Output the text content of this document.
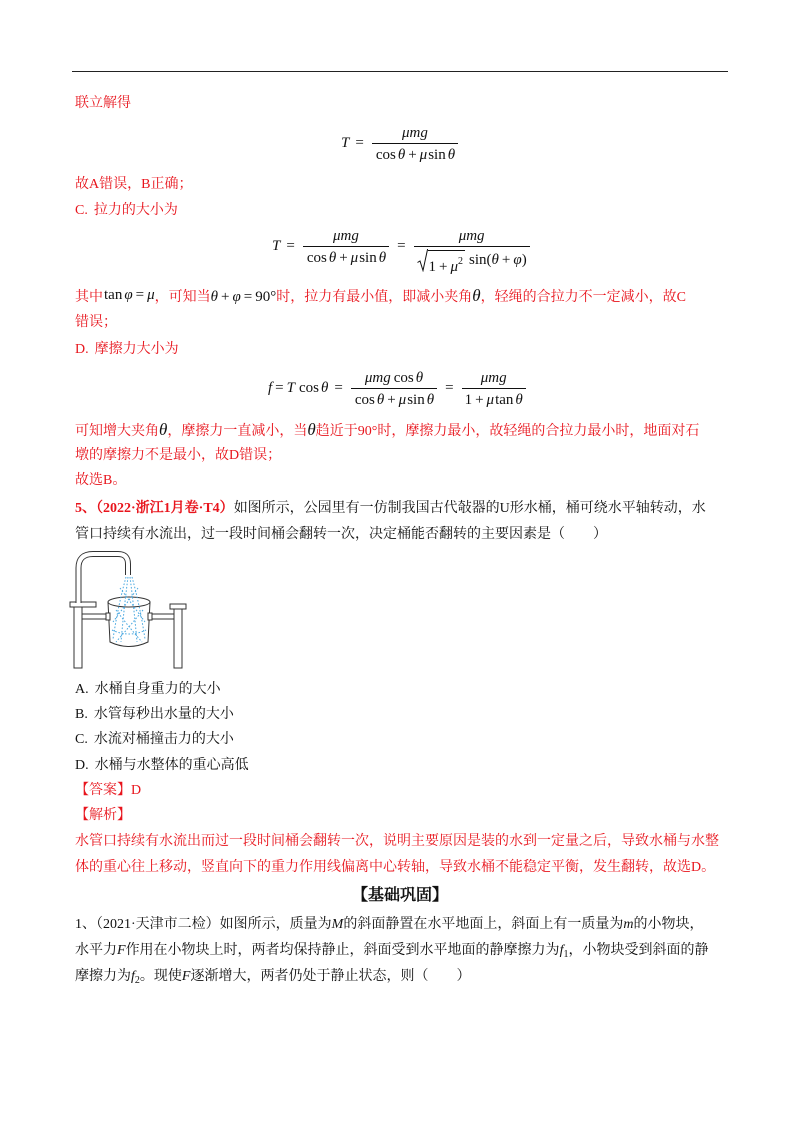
联立解得
$T = \frac{\text{μmg}}{\text{cos θ + μ sin θ}}$
故A错误，B正确；
C. 拉力的大小为
$T = \frac{\text{μmg}}{\text{cos θ + μ sin θ}} = \frac{\text{μmg}}{1 + \mu^2 \sin(\theta + \varphi)}$
其中tan φ = μ，可知当θ + φ = 90°时，拉力有最小值，即减小夹角θ，轻绳的合拉力不一定减小，故C
错误；
D. 摩擦力大小为
f = T $\cos \theta = \frac{\text{μmg cos θ}}{\text{cos θ + μ sin θ}} = \frac{\text{μmg}}{\text{1 + μ tan θ}}$
可知增大夹角θ，摩擦力一直减小，当θ趋近于90°时，摩擦力最小，故轻绳的合拉力最小时，地面对石
墩的摩擦力不是最小，故D错误；
故选B。
5、（2022·浙江1月卷·T4）如图所示，公园里有一仿制我国古代敧器的U形水桶，桶可绕水平轴转动，水
管口持续有水流出，过一段时间桶会翻转一次，决定桶能否翻转的主要因素是（　　）
A. 水桶自身重力的大小
B. 水管每秒出水量的大小
C. 水流对桶撞击力的大小
D. 水桶与水整体的重心高低
【答案】D
【解析】
水管口持续有水流出而过一段时间桶会翻转一次，说明主要原因是装的水到一定量之后，导致水桶与水整
体的重心往上移动，竖直向下的重力作用线偏离中心转轴，导致水桶不能稳定平衡，发生翻转，故选D。
【基础巩固】
1、（2021·天津市二检）如图所示，质量为M的斜面静置在水平地面上，斜面上有一质量为m的小物块，
水平力F作用在小物块上时，两者均保持静止，斜面受到水平地面的静摩擦力为$f_1$，小物块受到斜面的静
摩擦力为$f_2$。现使F逐渐增大，两者仍处于静止状态，则（　　）
